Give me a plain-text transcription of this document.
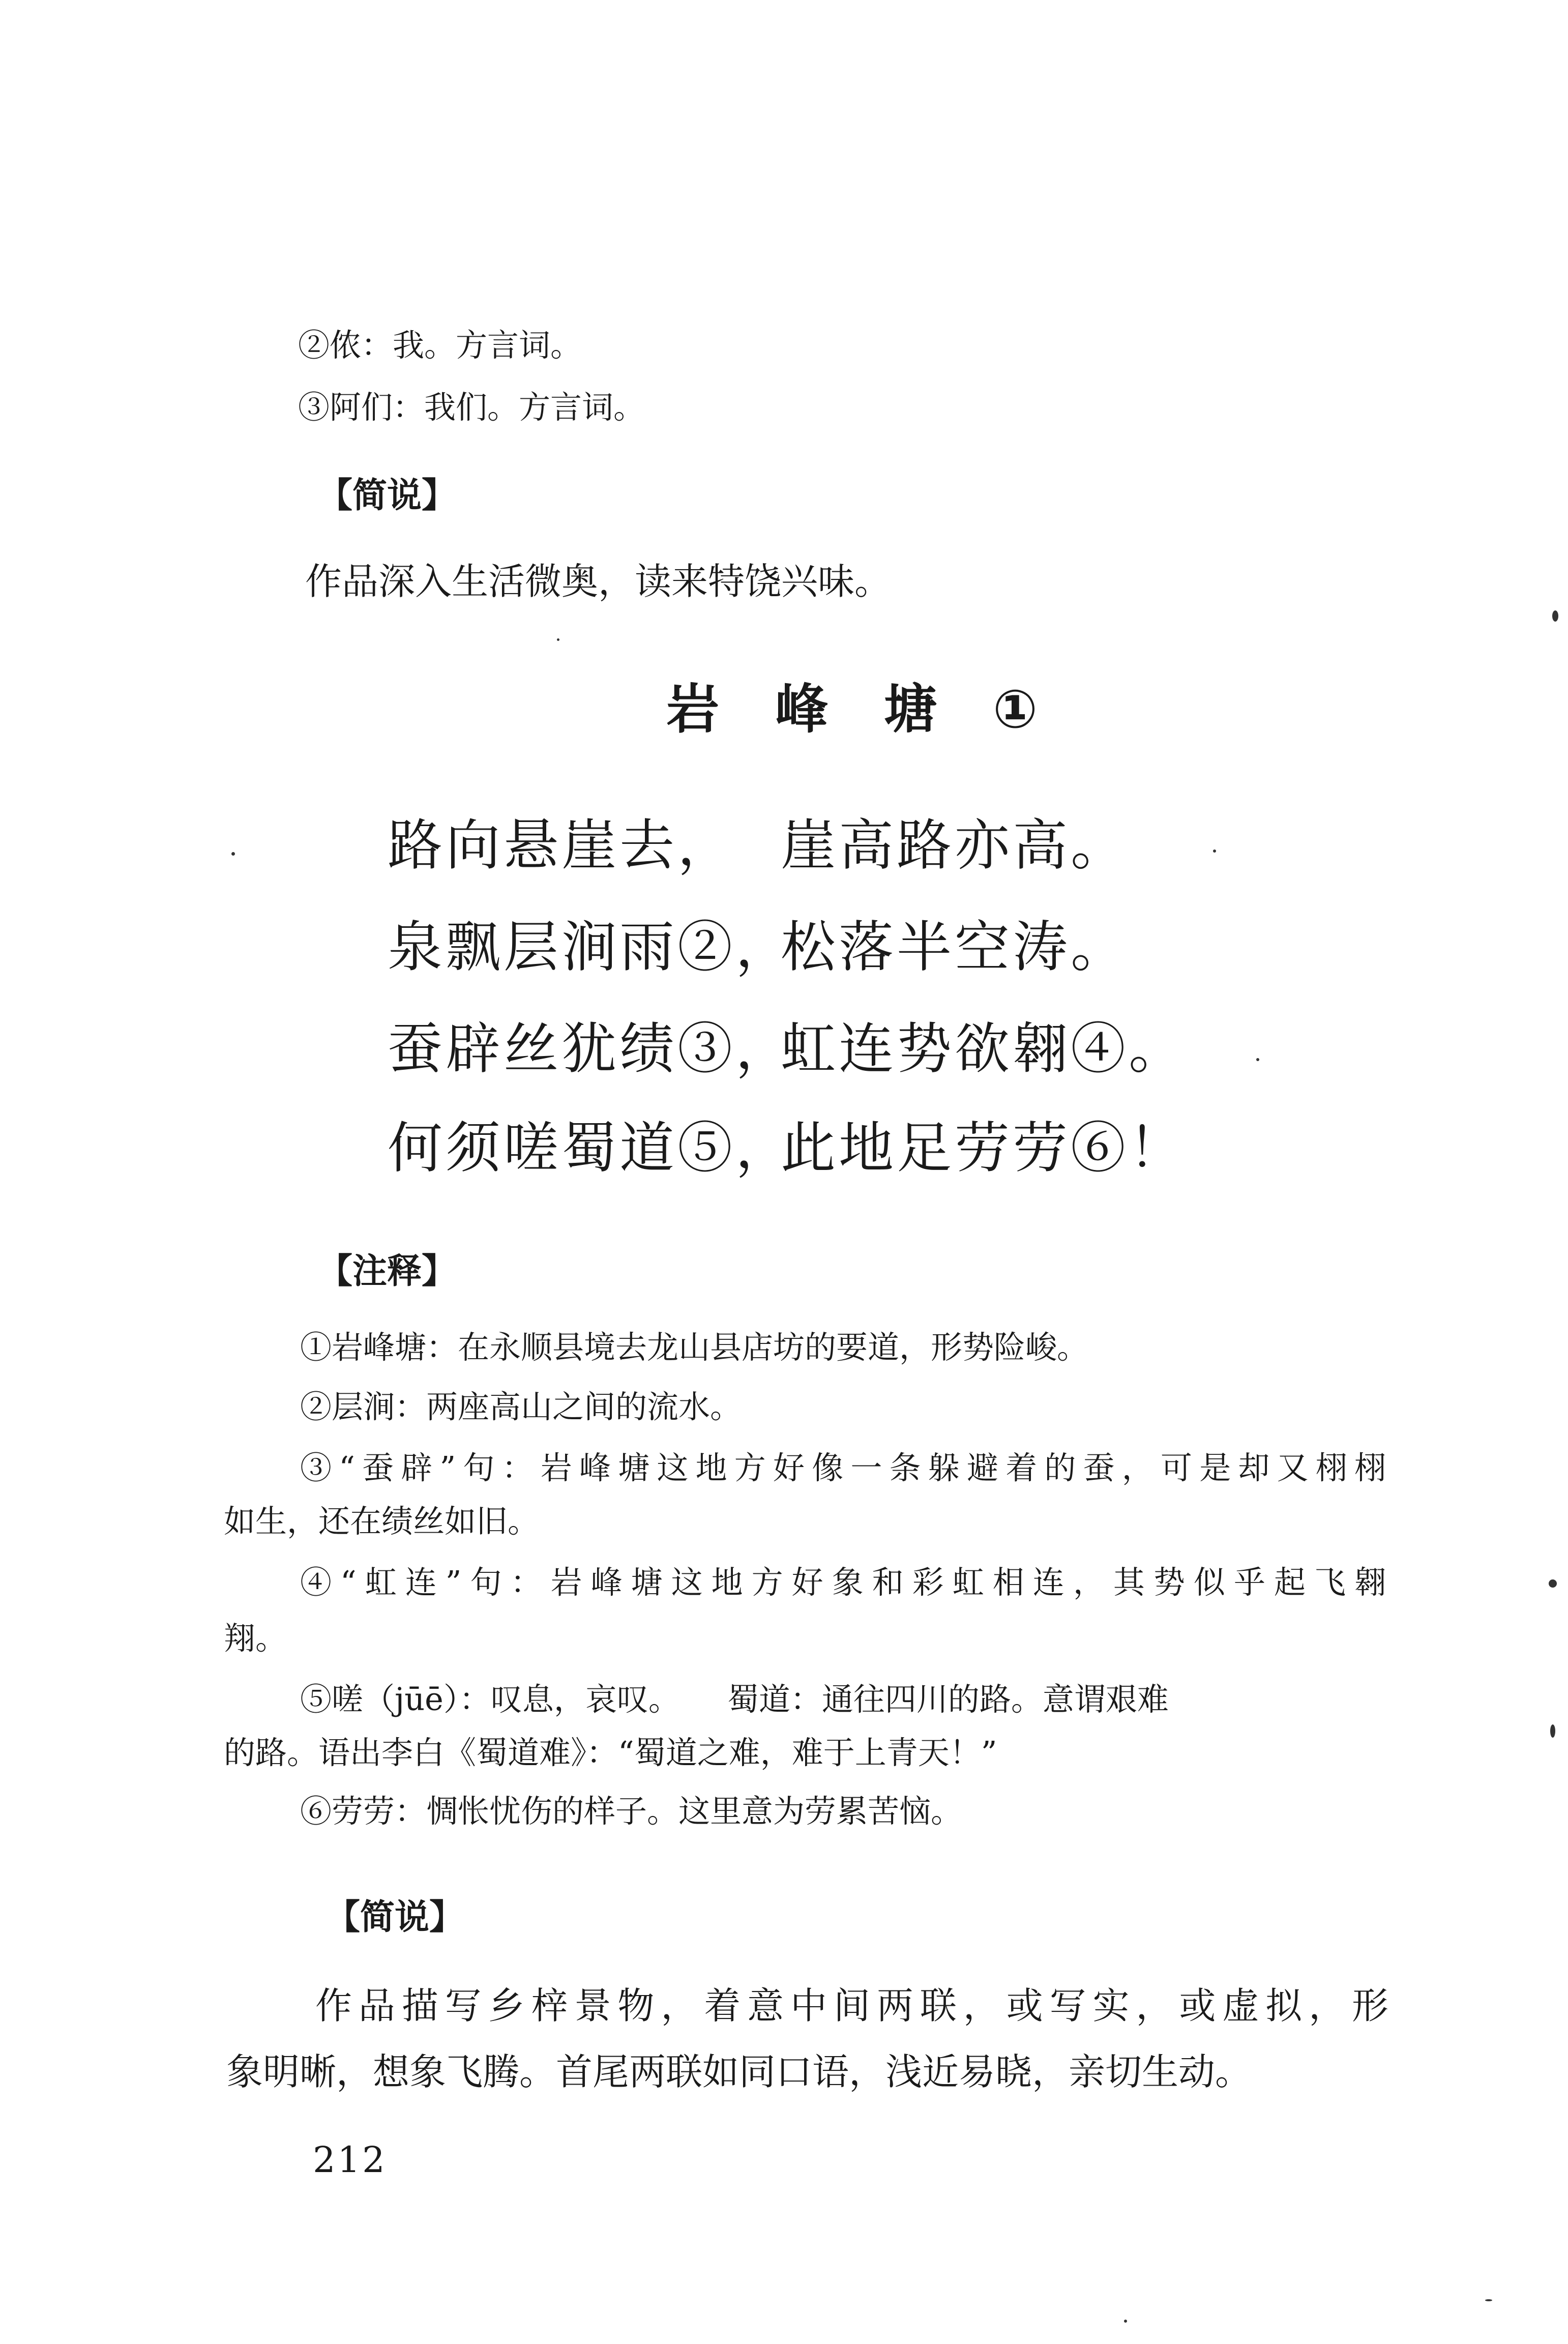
②侬：我。方言词。
③阿们：我们。方言词。
【简说】
作品深入生活微奥，读来特饶兴味。
岩峰塘①
路向悬崖去， 崖高路亦高。
泉飘层涧雨②，
松落半空涛。
蚕辟丝犹绩③，
虹连势欲翱④。
何须嗟蜀道⑤，
此地足劳劳⑥！
【注释】
①岩峰塘：在永顺县境去龙山县店坊的要道，形势险峻。
②层涧：两座高山之间的流水。
③“蚕辟”句：岩峰塘这地方好像一条躲避着的蚕，可是却又栩栩
如生，还在绩丝如旧。
④“虹连”句：岩峰塘这地方好象和彩虹相连，其势似乎起飞翱
翔。
⑤嗟（jūē）：叹息，哀叹。　　蜀道：通往四川的路。意谓艰难
的路。语出李白《蜀道难》：“蜀道之难，难于上青天！”
⑥劳劳：惆怅忧伤的样子。这里意为劳累苦恼。
【简说】
作品描写乡梓景物，着意中间两联，或写实，或虚拟，形
象明晰，想象飞腾。首尾两联如同口语，浅近易晓，亲切生动。
212
